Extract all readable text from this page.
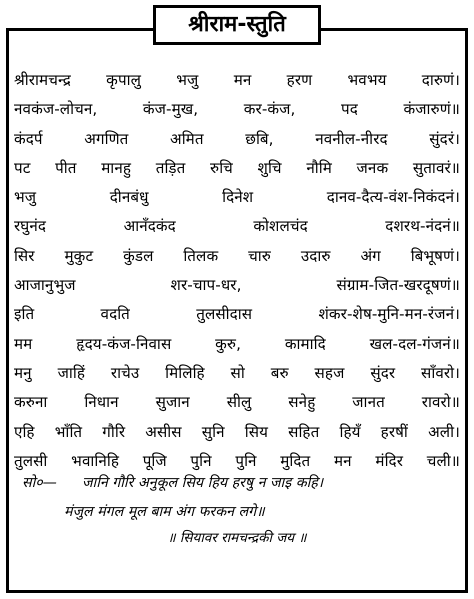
श्रीराम-स्तुति
श्रीरामचन्द्र कृपालु भजु मन हरण भवभय दारुणं।
नवकंज-लोचन, कंज-मुख, कर-कंज, पद कंजारुणं॥
कंदर्प अगणित अमित छबि, नवनील-नीरद सुंदरं।
पट पीत मानहु तड़ित रुचि शुचि नौमि जनक सुतावरं॥
भजु दीनबंधु दिनेश दानव-दैत्य-वंश-निकंदनं।
रघुनंद आनँदकंद कोशलचंद दशरथ-नंदनं॥
सिर मुकुट कुंडल तिलक चारु उदारु अंग बिभूषणं।
आजानुभुज शर-चाप-धर, संग्राम-जित-खरदूषणं॥
इति वदति तुलसीदास शंकर-शेष-मुनि-मन-रंजनं।
मम हृदय-कंज-निवास कुरु, कामादि खल-दल-गंजनं॥
मनु जाहिं राचेउ मिलिहि सो बरु सहज सुंदर साँवरो।
करुना निधान सुजान सीलु सनेहु जानत रावरो॥
एहि भाँति गौरि असीस सुनि सिय सहित हियँ हरषीं अली।
तुलसी भवानिहि पूजि पुनि पुनि मुदित मन मंदिर चली॥
सो०— जानि गौरि अनुकूल सिय हिय हरषु न जाइ कहि।
मंजुल मंगल मूल बाम अंग फरकन लगे॥
॥ सियावर रामचन्द्रकी जय ॥
